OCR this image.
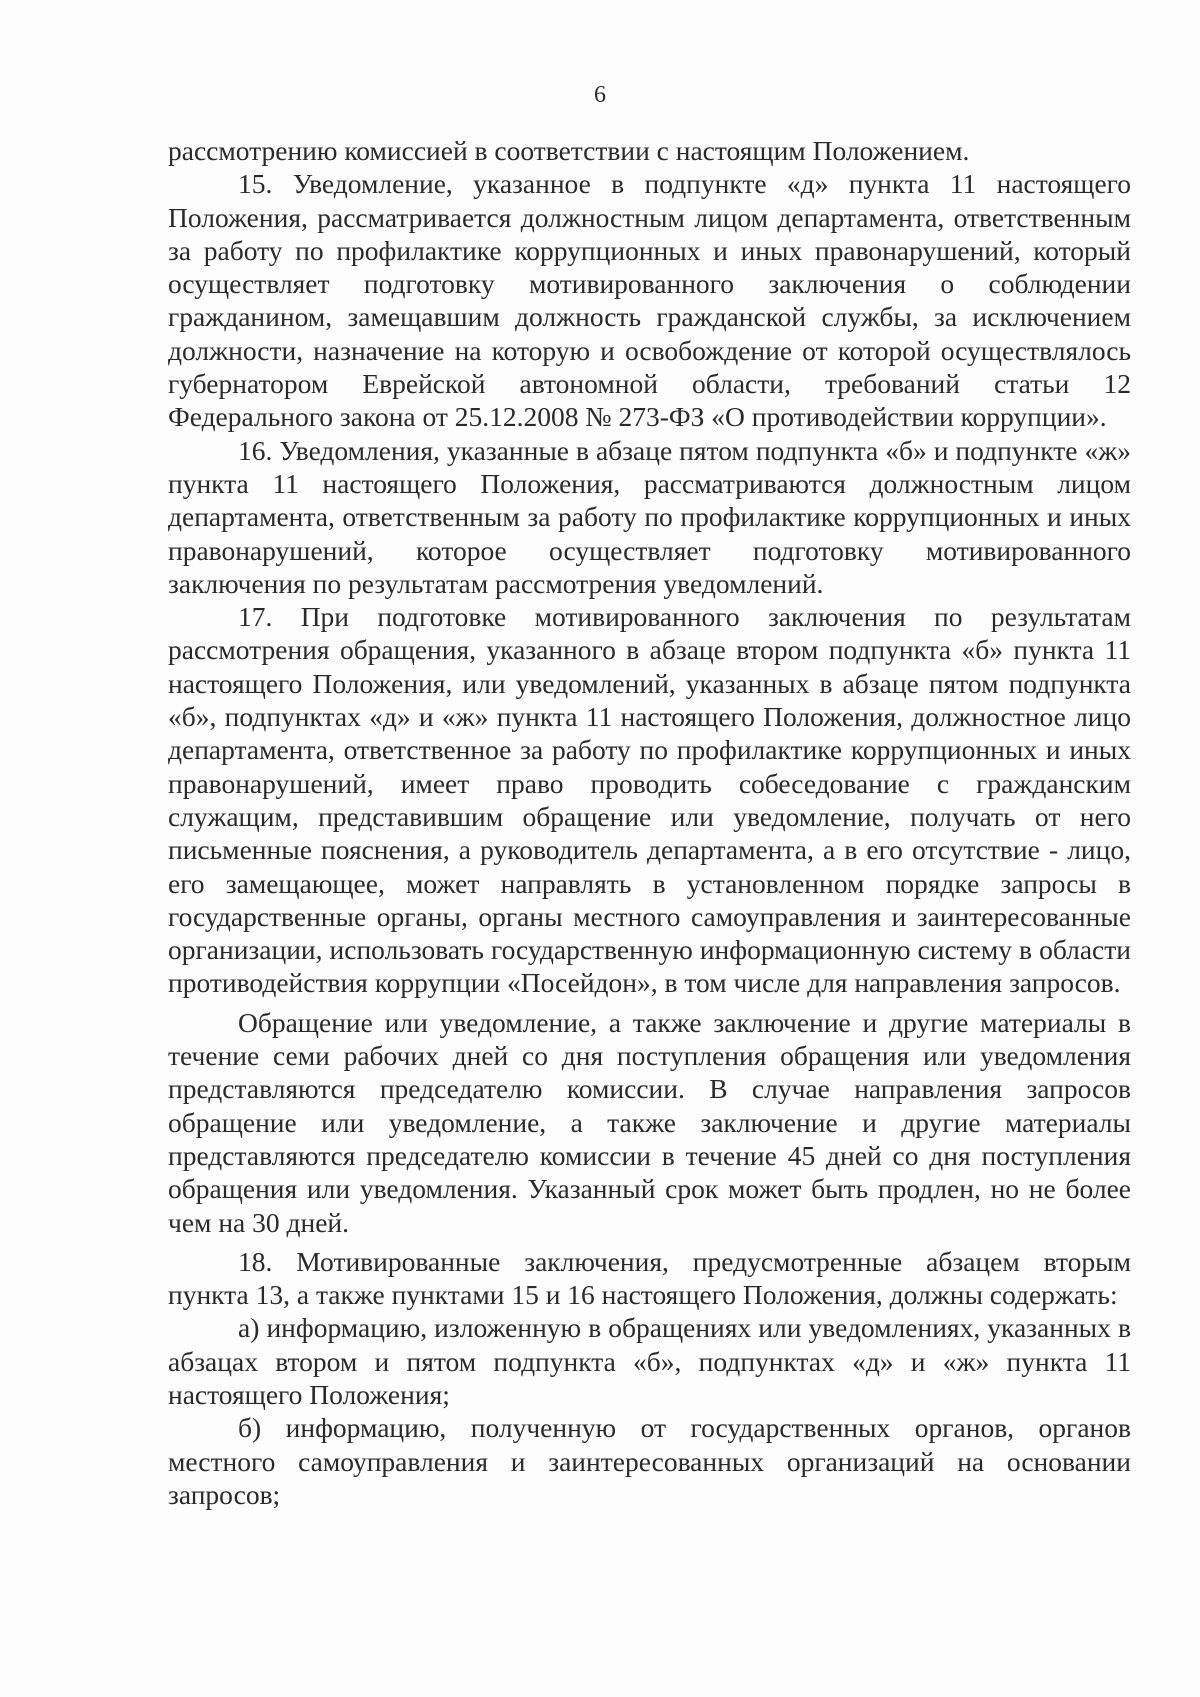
6

рассмотрению комиссией в соответствии с настоящим Положением.

15. Уведомление, указанное в подпункте «д» пункта 11 настоящего Положения, рассматривается должностным лицом департамента, ответственным за работу по профилактике коррупционных и иных правонарушений, который осуществляет подготовку мотивированного заключения о соблюдении гражданином, замещавшим должность гражданской службы, за исключением должности, назначение на которую и освобождение от которой осуществлялось губернатором Еврейской автономной области, требований статьи 12 Федерального закона от 25.12.2008 № 273-ФЗ «О противодействии коррупции».

16. Уведомления, указанные в абзаце пятом подпункта «б» и подпункте «ж» пункта 11 настоящего Положения, рассматриваются должностным лицом департамента, ответственным за работу по профилактике коррупционных и иных правонарушений, которое осуществляет подготовку мотивированного заключения по результатам рассмотрения уведомлений.

17. При подготовке мотивированного заключения по результатам рассмотрения обращения, указанного в абзаце втором подпункта «б» пункта 11 настоящего Положения, или уведомлений, указанных в абзаце пятом подпункта «б», подпунктах «д» и «ж» пункта 11 настоящего Положения, должностное лицо департамента, ответственное за работу по профилактике коррупционных и иных правонарушений, имеет право проводить собеседование с гражданским служащим, представившим обращение или уведомление, получать от него письменные пояснения, а руководитель департамента, а в его отсутствие - лицо, его замещающее, может направлять в установленном порядке запросы в государственные органы, органы местного самоуправления и заинтересованные организации, использовать государственную информационную систему в области противодействия коррупции «Посейдон», в том числе для направления запросов.

Обращение или уведомление, а также заключение и другие материалы в течение семи рабочих дней со дня поступления обращения или уведомления представляются председателю комиссии. В случае направления запросов обращение или уведомление, а также заключение и другие материалы представляются председателю комиссии в течение 45 дней со дня поступления обращения или уведомления. Указанный срок может быть продлен, но не более чем на 30 дней.

18. Мотивированные заключения, предусмотренные абзацем вторым пункта 13, а также пунктами 15 и 16 настоящего Положения, должны содержать:

а) информацию, изложенную в обращениях или уведомлениях, указанных в абзацах втором и пятом подпункта «б», подпунктах «д» и «ж» пункта 11 настоящего Положения;

б) информацию, полученную от государственных органов, органов местного самоуправления и заинтересованных организаций на основании запросов;
